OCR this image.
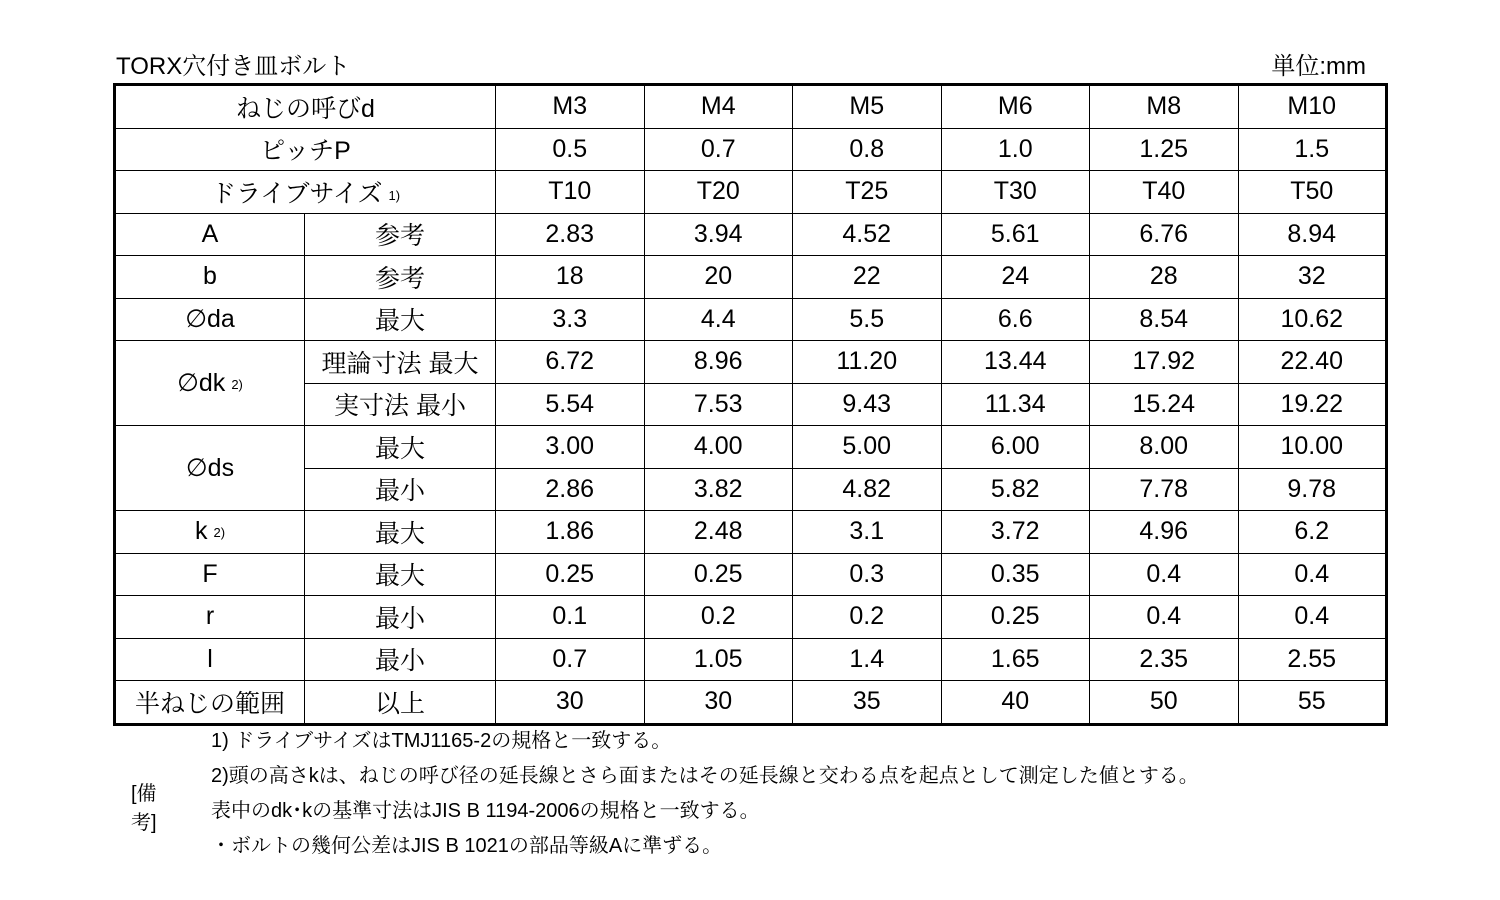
TORX穴付き皿ボルト	単位:mm
ねじの呼びd		M3	M4	M5	M6	M8	M10
ピッチP		0.5	0.7	0.8	1.0	1.25	1.5
ドライブサイズ 1)		T10	T20	T25	T30	T40	T50
A	参考	2.83	3.94	4.52	5.61	6.76	8.94
b	参考	18	20	22	24	28	32
∅da	最大	3.3	4.4	5.5	6.6	8.54	10.62
∅dk 2)	理論寸法 最大	6.72	8.96	11.20	13.44	17.92	22.40
	実寸法 最小	5.54	7.53	9.43	11.34	15.24	19.22
∅ds	最大	3.00	4.00	5.00	6.00	8.00	10.00
	最小	2.86	3.82	4.82	5.82	7.78	9.78
k 2)	最大	1.86	2.48	3.1	3.72	4.96	6.2
F	最大	0.25	0.25	0.3	0.35	0.4	0.4
r	最小	0.1	0.2	0.2	0.25	0.4	0.4
l	最小	0.7	1.05	1.4	1.65	2.35	2.55
半ねじの範囲	以上	30	30	35	40	50	55
[備考]
1) ドライブサイズはTMJ1165-2の規格と一致する。
2)頭の高さkは、ねじの呼び径の延長線とさら面またはその延長線と交わる点を起点として測定した値とする。
表中のdk･kの基準寸法はJIS B 1194-2006の規格と一致する。
・ボルトの幾何公差はJIS B 1021の部品等級Aに準ずる。
